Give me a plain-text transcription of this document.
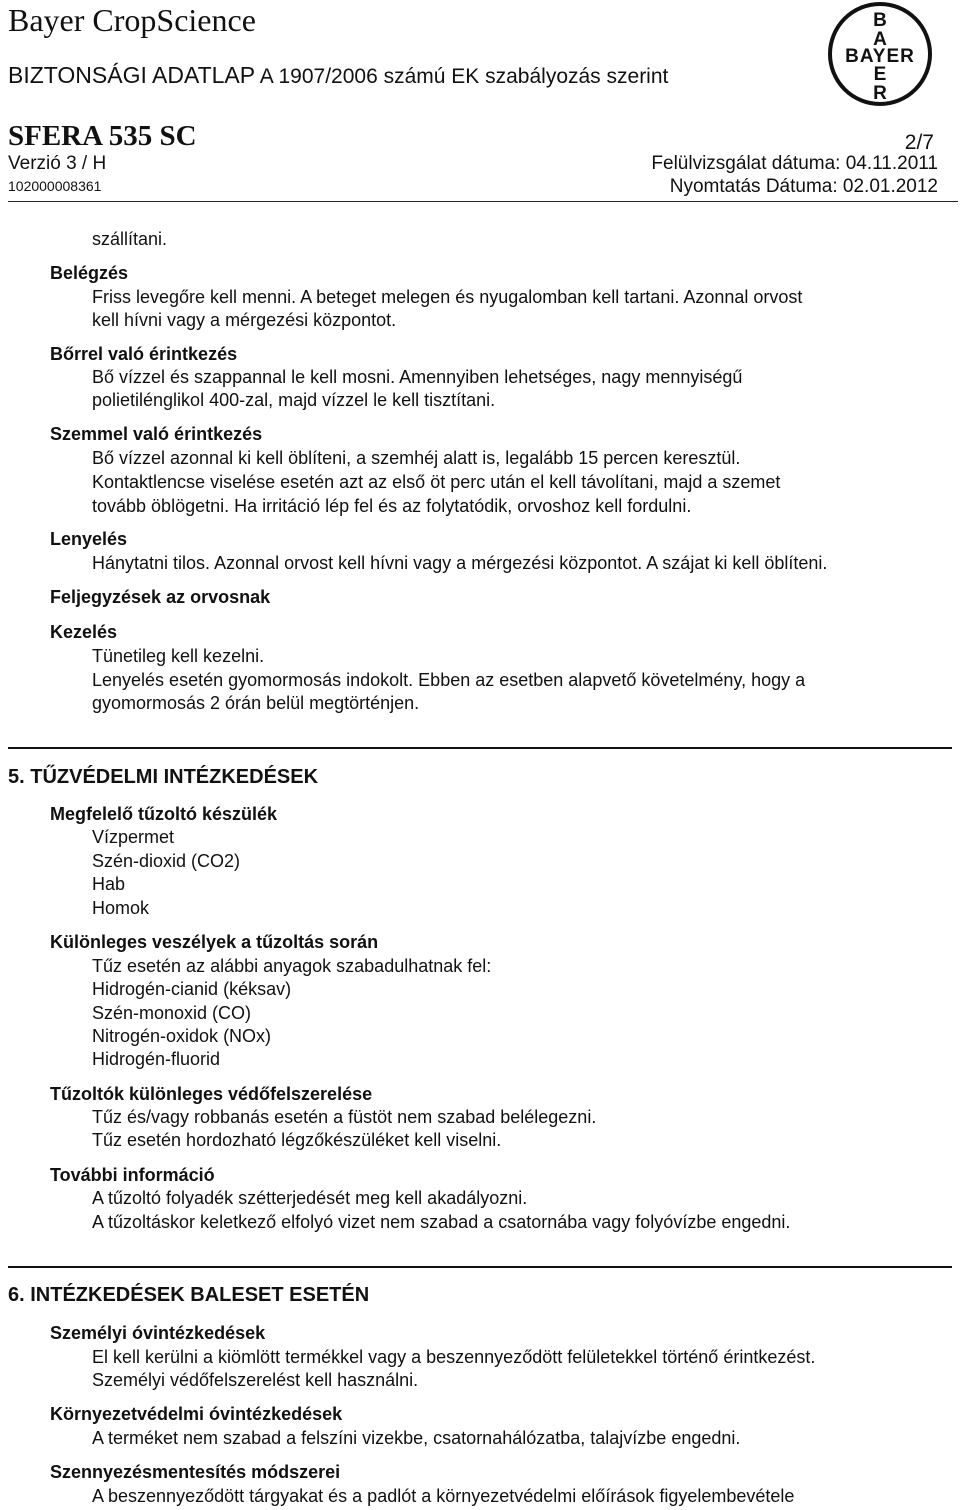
Bayer CropScience
BIZTONSÁGI ADATLAP A 1907/2006 számú EK szabályozás szerint
SFERA 535 SC	2/7
Verzió 3 / H	Felülvizsgálat dátuma: 04.11.2011
102000008361	Nyomtatás Dátuma: 02.01.2012
B
A
E
R
BAYER
szállítani.
Belégzés
Friss levegőre kell menni. A beteget melegen és nyugalomban kell tartani. Azonnal orvost
kell hívni vagy a mérgezési központot.
Bőrrel való érintkezés
Bő vízzel és szappannal le kell mosni. Amennyiben lehetséges, nagy mennyiségű
polietilénglikol 400-zal, majd vízzel le kell tisztítani.
Szemmel való érintkezés
Bő vízzel azonnal ki kell öblíteni, a szemhéj alatt is, legalább 15 percen keresztül.
Kontaktlencse viselése esetén azt az első öt perc után el kell távolítani, majd a szemet
tovább öblögetni. Ha irritáció lép fel és az folytatódik, orvoshoz kell fordulni.
Lenyelés
Hánytatni tilos. Azonnal orvost kell hívni vagy a mérgezési központot. A szájat ki kell öblíteni.
Feljegyzések az orvosnak
Kezelés
Tünetileg kell kezelni.
Lenyelés esetén gyomormosás indokolt. Ebben az esetben alapvető követelmény, hogy a
gyomormosás 2 órán belül megtörténjen.
5. TŰZVÉDELMI INTÉZKEDÉSEK
Megfelelő tűzoltó készülék
Vízpermet
Szén-dioxid (CO2)
Hab
Homok
Különleges veszélyek a tűzoltás során
Tűz esetén az alábbi anyagok szabadulhatnak fel:
Hidrogén-cianid (kéksav)
Szén-monoxid (CO)
Nitrogén-oxidok (NOx)
Hidrogén-fluorid
Tűzoltók különleges védőfelszerelése
Tűz és/vagy robbanás esetén a füstöt nem szabad belélegezni.
Tűz esetén hordozható légzőkészüléket kell viselni.
További információ
A tűzoltó folyadék szétterjedését meg kell akadályozni.
A tűzoltáskor keletkező elfolyó vizet nem szabad a csatornába vagy folyóvízbe engedni.
6. INTÉZKEDÉSEK BALESET ESETÉN
Személyi óvintézkedések
El kell kerülni a kiömlött termékkel vagy a beszennyeződött felületekkel történő érintkezést.
Személyi védőfelszerelést kell használni.
Környezetvédelmi óvintézkedések
A terméket nem szabad a felszíni vizekbe, csatornahálózatba, talajvízbe engedni.
Szennyezésmentesítés módszerei
A beszennyeződött tárgyakat és a padlót a környezetvédelmi előírások figyelembevétele
